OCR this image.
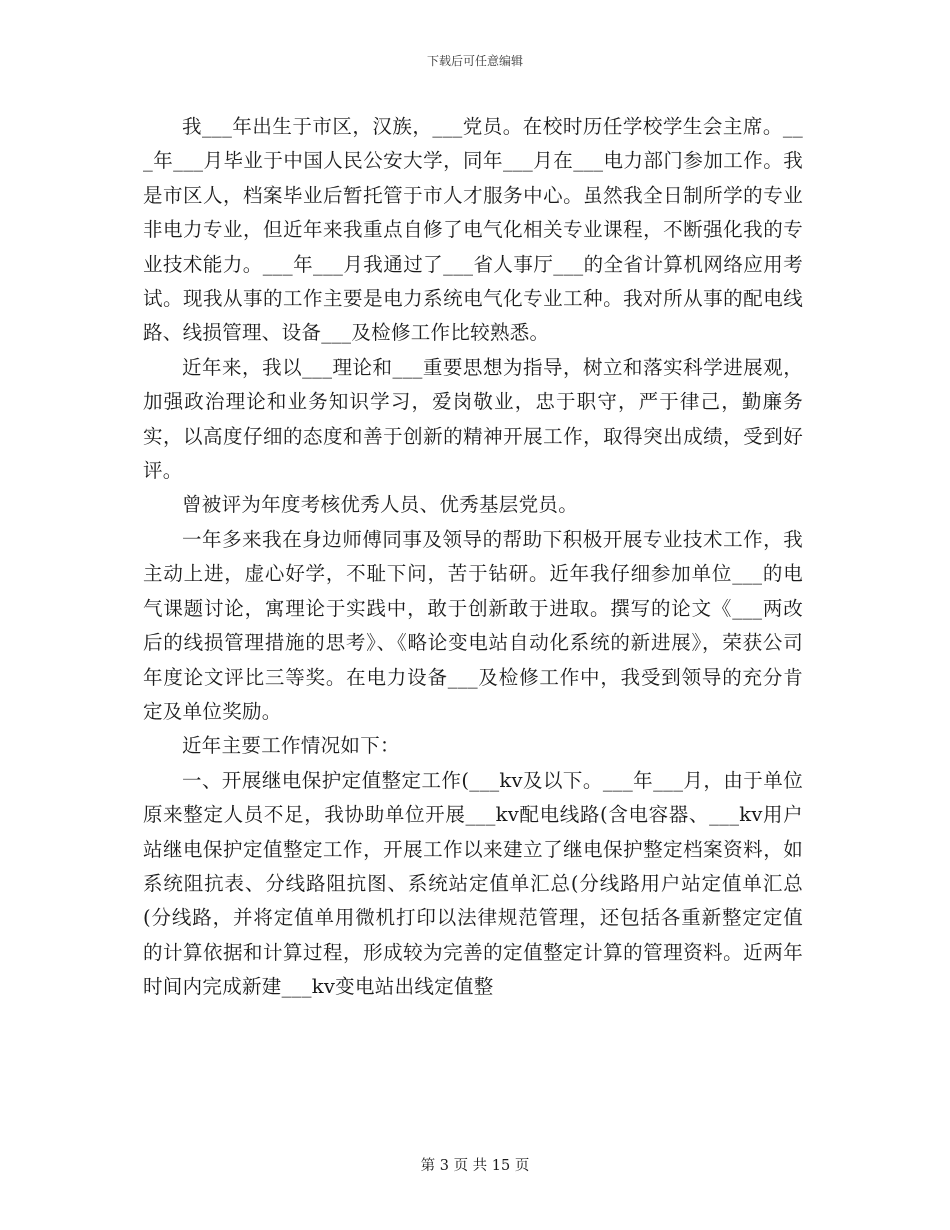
下载后可任意编辑

我___年出生于市区，汉族，___党员。在校时历任学校学生会主席。___年___月毕业于中国人民公安大学，同年___月在___电力部门参加工作。我是市区人，档案毕业后暂托管于市人才服务中心。虽然我全日制所学的专业非电力专业，但近年来我重点自修了电气化相关专业课程，不断强化我的专业技术能力。___年___月我通过了___省人事厅___的全省计算机网络应用考试。现我从事的工作主要是电力系统电气化专业工种。我对所从事的配电线路、线损管理、设备___及检修工作比较熟悉。

近年来，我以___理论和___重要思想为指导，树立和落实科学进展观，加强政治理论和业务知识学习，爱岗敬业，忠于职守，严于律己，勤廉务实，以高度仔细的态度和善于创新的精神开展工作，取得突出成绩，受到好评。

曾被评为年度考核优秀人员、优秀基层党员。

一年多来我在身边师傅同事及领导的帮助下积极开展专业技术工作，我主动上进，虚心好学，不耻下问，苦于钻研。近年我仔细参加单位___的电气课题讨论，寓理论于实践中，敢于创新敢于进取。撰写的论文《___两改后的线损管理措施的思考》、《略论变电站自动化系统的新进展》，荣获公司年度论文评比三等奖。在电力设备___及检修工作中，我受到领导的充分肯定及单位奖励。

近年主要工作情况如下：

一、开展继电保护定值整定工作(___kv及以下。___年___月，由于单位原来整定人员不足，我协助单位开展___kv配电线路(含电容器、___kv用户站继电保护定值整定工作，开展工作以来建立了继电保护整定档案资料，如系统阻抗表、分线路阻抗图、系统站定值单汇总(分线路用户站定值单汇总(分线路，并将定值单用微机打印以法律规范管理，还包括各重新整定定值的计算依据和计算过程，形成较为完善的定值整定计算的管理资料。近两年时间内完成新建___kv变电站出线定值整

第 3 页 共 15 页
